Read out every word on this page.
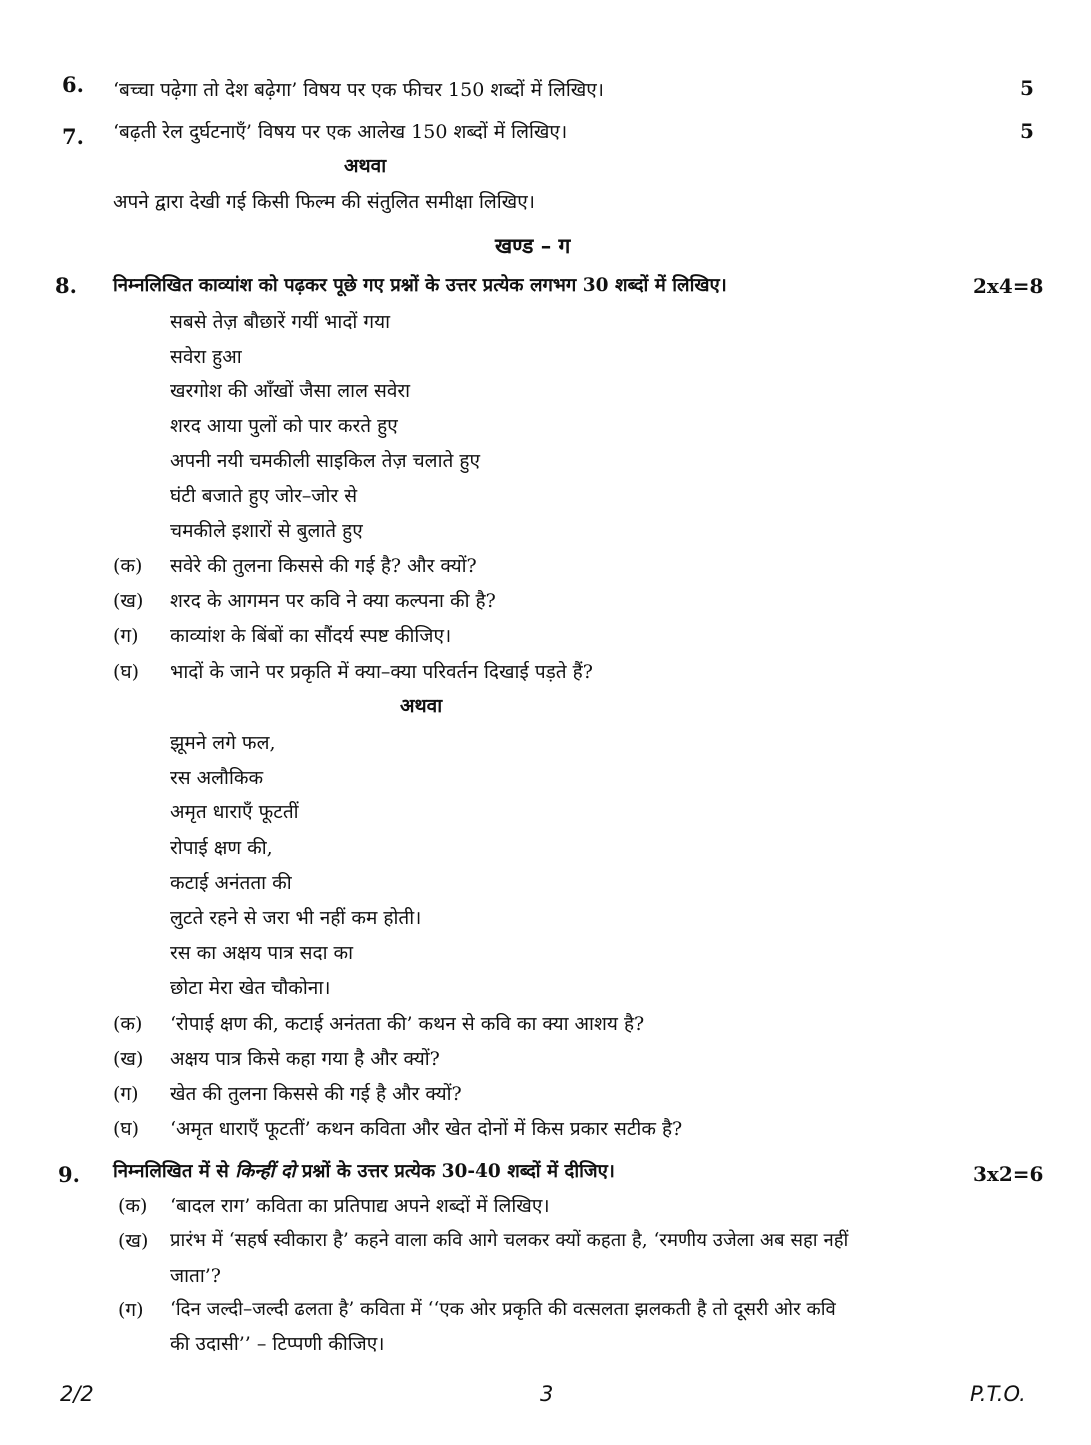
6. ‘बच्चा पढ़ेगा तो देश बढ़ेगा’ विषय पर एक फीचर 150 शब्दों में लिखिए।	5
7. ‘बढ़ती रेल दुर्घटनाएँ’ विषय पर एक आलेख 150 शब्दों में लिखिए।	5
अथवा
अपने द्वारा देखी गई किसी फिल्म की संतुलित समीक्षा लिखिए।
खण्ड – ग
8. निम्नलिखित काव्यांश को पढ़कर पूछे गए प्रश्नों के उत्तर प्रत्येक लगभग 30 शब्दों में लिखिए।	2x4=8
सबसे तेज़ बौछारें गयीं भादों गया
सवेरा हुआ
खरगोश की आँखों जैसा लाल सवेरा
शरद आया पुलों को पार करते हुए
अपनी नयी चमकीली साइकिल तेज़ चलाते हुए
घंटी बजाते हुए जोर–जोर से
चमकीले इशारों से बुलाते हुए
(क) सवेरे की तुलना किससे की गई है? और क्यों?
(ख) शरद के आगमन पर कवि ने क्या कल्पना की है?
(ग) काव्यांश के बिंबों का सौंदर्य स्पष्ट कीजिए।
(घ) भादों के जाने पर प्रकृति में क्या–क्या परिवर्तन दिखाई पड़ते हैं?
अथवा
झूमने लगे फल,
रस अलौकिक
अमृत धाराएँ फूटतीं
रोपाई क्षण की,
कटाई अनंतता की
लुटते रहने से जरा भी नहीं कम होती।
रस का अक्षय पात्र सदा का
छोटा मेरा खेत चौकोना।
(क) ‘रोपाई क्षण की, कटाई अनंतता की’ कथन से कवि का क्या आशय है?
(ख) अक्षय पात्र किसे कहा गया है और क्यों?
(ग) खेत की तुलना किससे की गई है और क्यों?
(घ) ‘अमृत धाराएँ फूटतीं’ कथन कविता और खेत दोनों में किस प्रकार सटीक है?
9. निम्नलिखित में से किन्हीं दो प्रश्नों के उत्तर प्रत्येक 30-40 शब्दों में दीजिए।	3x2=6
(क) ‘बादल राग’ कविता का प्रतिपाद्य अपने शब्दों में लिखिए।
(ख) प्रारंभ में ‘सहर्ष स्वीकारा है’ कहने वाला कवि आगे चलकर क्यों कहता है, ‘रमणीय उजेला अब सहा नहीं
जाता’?
(ग) ‘दिन जल्दी–जल्दी ढलता है’ कविता में ‘‘एक ओर प्रकृति की वत्सलता झलकती है तो दूसरी ओर कवि
की उदासी’’ – टिप्पणी कीजिए।
2/2	3	P.T.O.
